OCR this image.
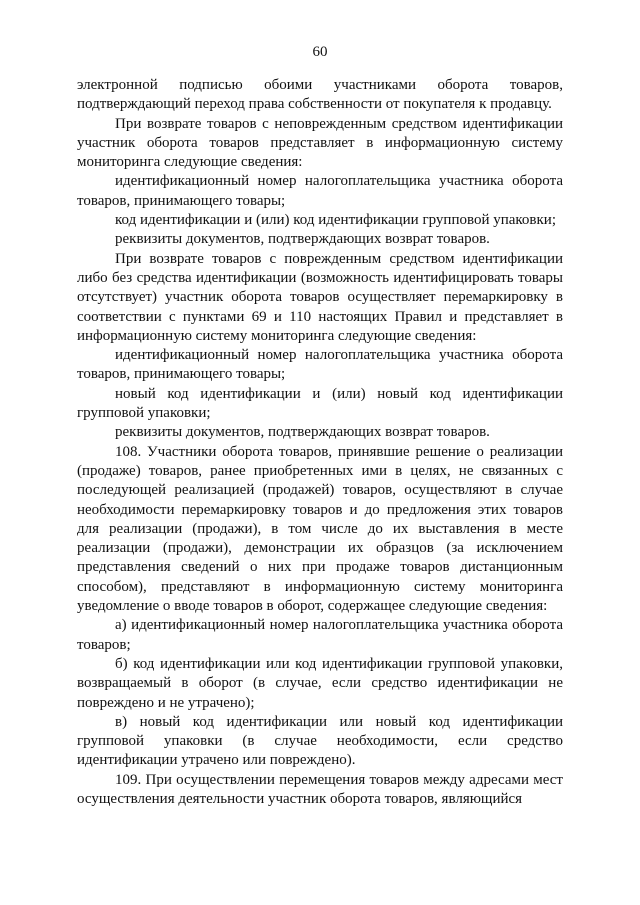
60

электронной подписью обоими участниками оборота товаров, подтверждающий переход права собственности от покупателя к продавцу.

При возврате товаров с неповрежденным средством идентификации участник оборота товаров представляет в информационную систему мониторинга следующие сведения:

идентификационный номер налогоплательщика участника оборота товаров, принимающего товары;

код идентификации и (или) код идентификации групповой упаковки;

реквизиты документов, подтверждающих возврат товаров.

При возврате товаров с поврежденным средством идентификации либо без средства идентификации (возможность идентифицировать товары отсутствует) участник оборота товаров осуществляет перемаркировку в соответствии с пунктами 69 и 110 настоящих Правил и представляет в информационную систему мониторинга следующие сведения:

идентификационный номер налогоплательщика участника оборота товаров, принимающего товары;

новый код идентификации и (или) новый код идентификации групповой упаковки;

реквизиты документов, подтверждающих возврат товаров.

108. Участники оборота товаров, принявшие решение о реализации (продаже) товаров, ранее приобретенных ими в целях, не связанных с последующей реализацией (продажей) товаров, осуществляют в случае необходимости перемаркировку товаров и до предложения этих товаров для реализации (продажи), в том числе до их выставления в месте реализации (продажи), демонстрации их образцов (за исключением представления сведений о них при продаже товаров дистанционным способом), представляют в информационную систему мониторинга уведомление о вводе товаров в оборот, содержащее следующие сведения:

а) идентификационный номер налогоплательщика участника оборота товаров;

б) код идентификации или код идентификации групповой упаковки, возвращаемый в оборот (в случае, если средство идентификации не повреждено и не утрачено);

в) новый код идентификации или новый код идентификации групповой упаковки (в случае необходимости, если средство идентификации утрачено или повреждено).

109. При осуществлении перемещения товаров между адресами мест осуществления деятельности участник оборота товаров, являющийся
